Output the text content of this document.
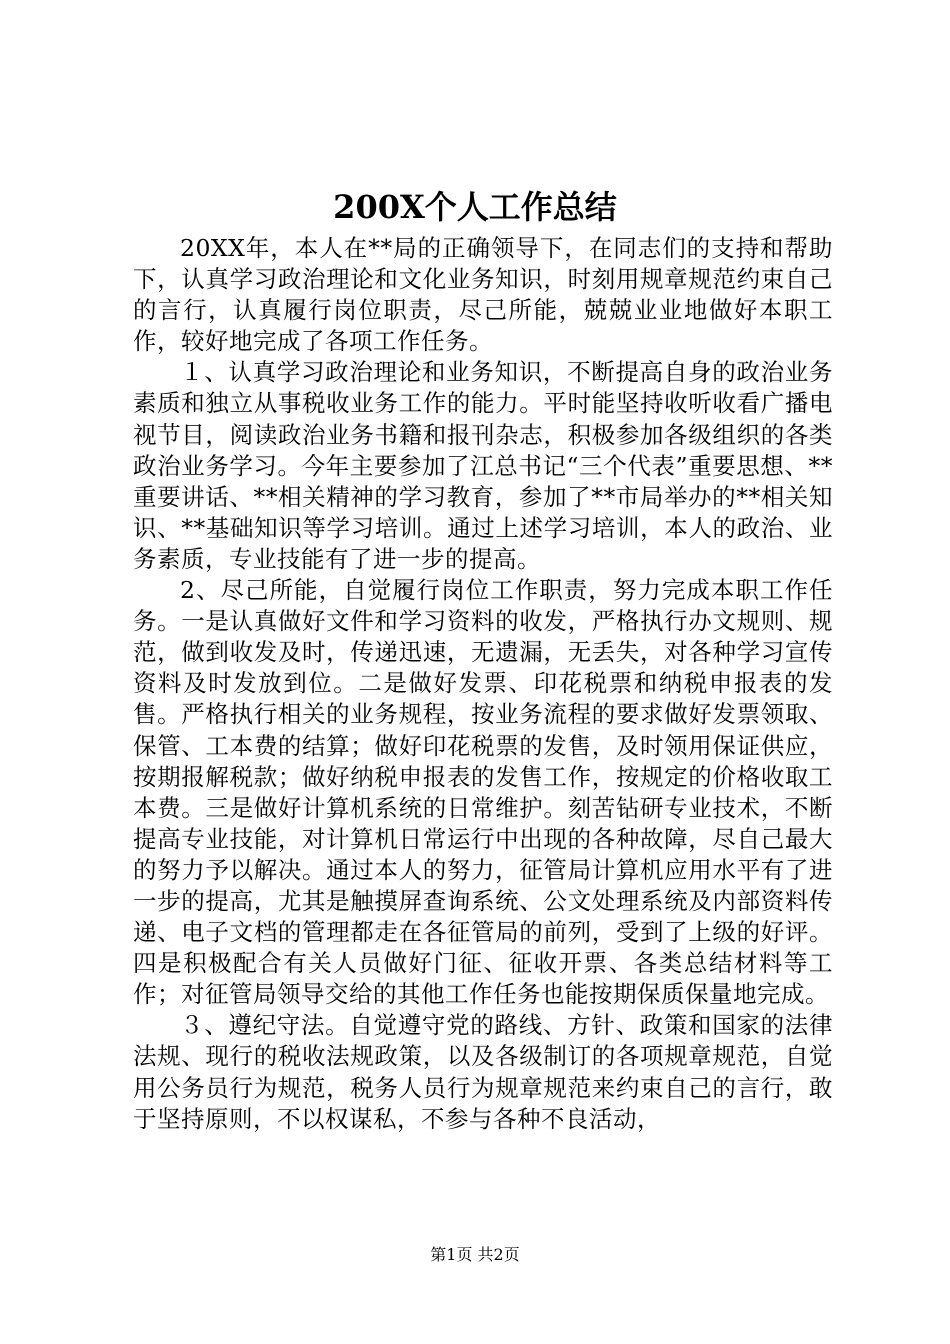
200X个人工作总结

20XX年，本人在**局的正确领导下，在同志们的支持和帮助下，认真学习政治理论和文化业务知识，时刻用规章规范约束自己的言行，认真履行岗位职责，尽己所能，兢兢业业地做好本职工作，较好地完成了各项工作任务。

１、认真学习政治理论和业务知识，不断提高自身的政治业务素质和独立从事税收业务工作的能力。平时能坚持收听收看广播电视节目，阅读政治业务书籍和报刊杂志，积极参加各级组织的各类政治业务学习。今年主要参加了江总书记“三个代表”重要思想、**重要讲话、**相关精神的学习教育，参加了**市局举办的**相关知识、**基础知识等学习培训。通过上述学习培训，本人的政治、业务素质，专业技能有了进一步的提高。

2、尽己所能，自觉履行岗位工作职责，努力完成本职工作任务。一是认真做好文件和学习资料的收发，严格执行办文规则、规范，做到收发及时，传递迅速，无遗漏，无丢失，对各种学习宣传资料及时发放到位。二是做好发票、印花税票和纳税申报表的发售。严格执行相关的业务规程，按业务流程的要求做好发票领取、保管、工本费的结算；做好印花税票的发售，及时领用保证供应，按期报解税款；做好纳税申报表的发售工作，按规定的价格收取工本费。三是做好计算机系统的日常维护。刻苦钻研专业技术，不断提高专业技能，对计算机日常运行中出现的各种故障，尽自己最大的努力予以解决。通过本人的努力，征管局计算机应用水平有了进一步的提高，尤其是触摸屏查询系统、公文处理系统及内部资料传递、电子文档的管理都走在各征管局的前列，受到了上级的好评。四是积极配合有关人员做好门征、征收开票、各类总结材料等工作；对征管局领导交给的其他工作任务也能按期保质保量地完成。

３、遵纪守法。自觉遵守党的路线、方针、政策和国家的法律法规、现行的税收法规政策，以及各级制订的各项规章规范，自觉用公务员行为规范，税务人员行为规章规范来约束自己的言行，敢于坚持原则，不以权谋私，不参与各种不良活动，

第1页 共2页
